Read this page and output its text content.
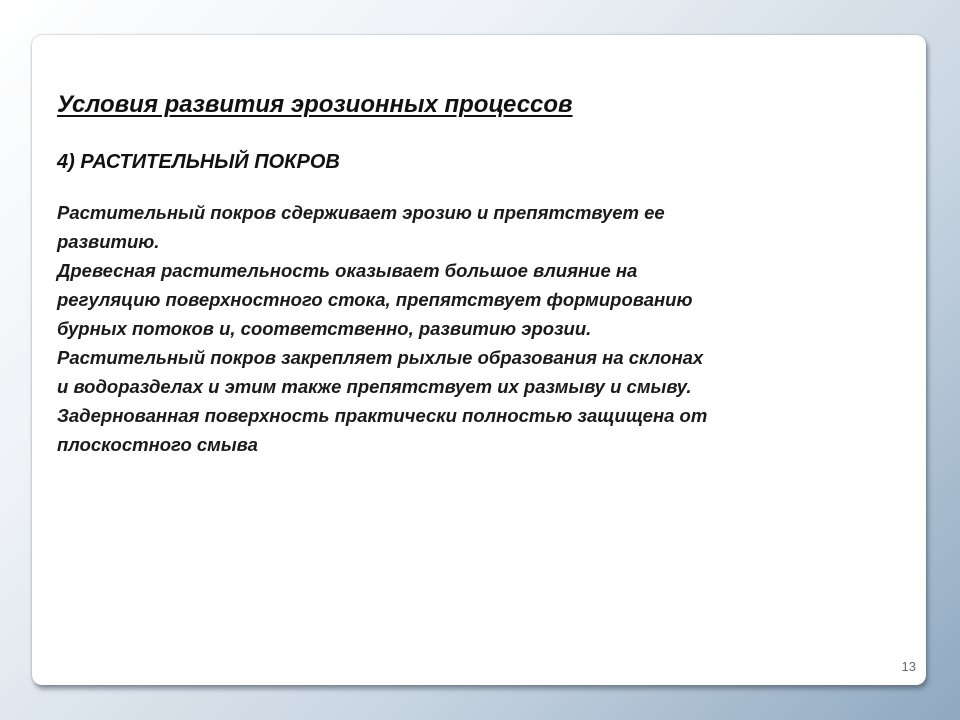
Условия развития эрозионных процессов
4) РАСТИТЕЛЬНЫЙ ПОКРОВ
Растительный покров сдерживает эрозию и препятствует ее
развитию.
Древесная растительность оказывает большое влияние на
регуляцию поверхностного стока, препятствует формированию
бурных потоков и, соответственно, развитию эрозии.
Растительный покров закрепляет рыхлые образования на склонах
и водоразделах и этим также препятствует их размыву и смыву.
Задернованная поверхность практически полностью защищена от
плоскостного смыва
13
